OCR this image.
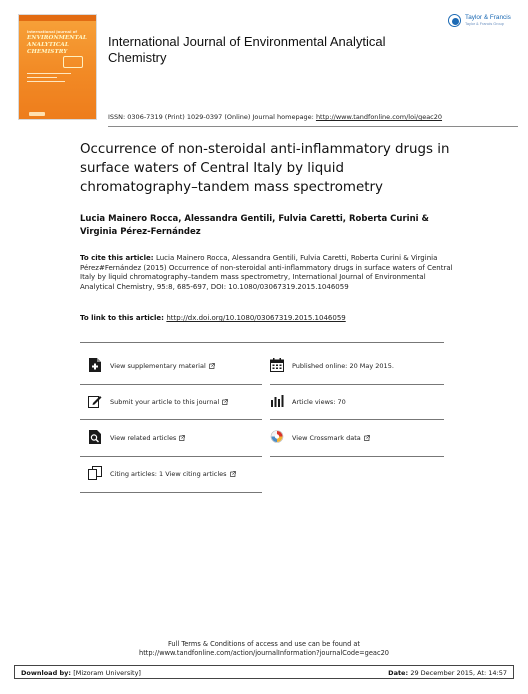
International Journal of
ENVIRONMENTAL
ANALYTICAL
CHEMISTRY
International Journal of Environmental Analytical Chemistry
Taylor & Francis
Taylor & Francis Group
ISSN: 0306-7319 (Print) 1029-0397 (Online) Journal homepage: http://www.tandfonline.com/loi/geac20
Occurrence of non-steroidal anti-inflammatory drugs in surface waters of Central Italy by liquid chromatography–tandem mass spectrometry
Lucia Mainero Rocca, Alessandra Gentili, Fulvia Caretti, Roberta Curini & Virginia Pérez-Fernández
To cite this article: Lucia Mainero Rocca, Alessandra Gentili, Fulvia Caretti, Roberta Curini & Virginia Pérez#Fernández (2015) Occurrence of non-steroidal anti-inflammatory drugs in surface waters of Central Italy by liquid chromatography–tandem mass spectrometry, International Journal of Environmental Analytical Chemistry, 95:8, 685-697, DOI: 10.1080/03067319.2015.1046059
To link to this article: http://dx.doi.org/10.1080/03067319.2015.1046059
View supplementary material	Published online: 20 May 2015.
Submit your article to this journal	Article views: 70
View related articles	View Crossmark data
Citing articles: 1 View citing articles
Full Terms & Conditions of access and use can be found at
http://www.tandfonline.com/action/journalInformation?journalCode=geac20
Download by: [Mizoram University]	Date: 29 December 2015, At: 14:57
